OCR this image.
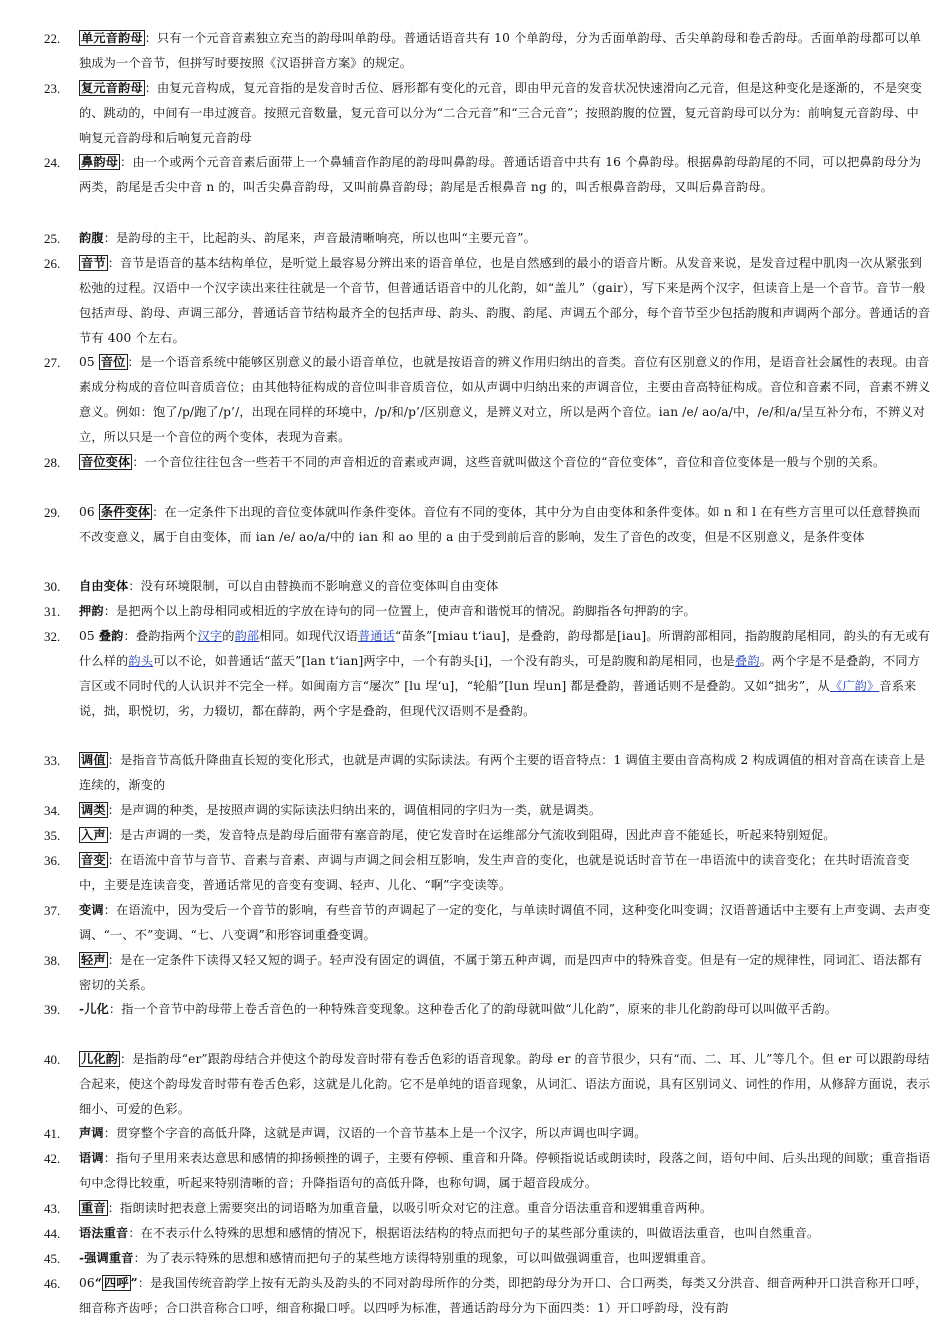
22.	单元音韵母 ：只有一个元音音素独立充当的韵母叫单韵母。普通话语音共有 10 个单韵母，分为舌面单韵母、舌尖单韵母和卷舌韵母。舌面单韵母都可以单独成为一个音节，但拼写时要按照《汉语拼音方案》的规定。
23.	复元音韵母 ：由复元音构成，复元音指的是发音时舌位、唇形都有变化的元音，即由甲元音的发音状况快速滑向乙元音，但是这种变化是逐渐的，不是突变的、跳动的，中间有一串过渡音。按照元音数量，复元音可以分为“二合元音”和“三合元音”；按照韵腹的位置，复元音韵母可以分为：前响复元音韵母、中响复元音韵母和后响复元音韵母
24.	鼻韵母 ：由一个或两个元音音素后面带上一个鼻辅音作韵尾的韵母叫鼻韵母。普通话语音中共有 16 个鼻韵母。根据鼻韵母韵尾的不同，可以把鼻韵母分为两类，韵尾是舌尖中音 n 的，叫舌尖鼻音韵母，又叫前鼻音韵母；韵尾是舌根鼻音 ng 的，叫舌根鼻音韵母，又叫后鼻音韵母。
25.	韵腹：是韵母的主干，比起韵头、韵尾来，声音最清晰响亮，所以也叫“主要元音”。
26.	音节 ：音节是语音的基本结构单位，是听觉上最容易分辨出来的语音单位，也是自然感到的最小的语音片断。从发音来说，是发音过程中肌肉一次从紧张到松弛的过程。汉语中一个汉字读出来往往就是一个音节，但普通话语音中的儿化韵，如“盖儿”（gair），写下来是两个汉字，但读音上是一个音节。音节一般包括声母、韵母、声调三部分，普通话音节结构最齐全的包括声母、韵头、韵腹、韵尾、声调五个部分，每个音节至少包括韵腹和声调两个部分。普通话的音节有 400 个左右。
27.	05 音位 ：是一个语音系统中能够区别意义的最小语音单位，也就是按语音的辨义作用归纳出的音类。音位有区别意义的作用，是语音社会属性的表现。由音素成分构成的音位叫音质音位；由其他特征构成的音位叫非音质音位，如从声调中归纳出来的声调音位，主要由音高特征构成。音位和音素不同，音素不辨义意义。例如：饱了/p/跑了/p’/，出现在同样的环境中，/p/和/p’/区别意义，是辨义对立，所以是两个音位。ian /e/ ao/a/中，/e/和/a/呈互补分布，不辨义对立，所以只是一个音位的两个变体，表现为音素。
28.	音位变体 ：一个音位往往包含一些若干不同的声音相近的音素或声调，这些音就叫做这个音位的“音位变体”，音位和音位变体是一般与个别的关系。
29.	06 条件变体 ：在一定条件下出现的音位变体就叫作条件变体。音位有不同的变体，其中分为自由变体和条件变体。如 n 和 l 在有些方言里可以任意替换而不改变意义，属于自由变体，而 ian /e/ ao/a/中的 ian 和 ao 里的 a 由于受到前后音的影响，发生了音色的改变，但是不区别意义，是条件变体
30.	自由变体：没有环境限制，可以自由替换而不影响意义的音位变体叫自由变体
31.	押韵：是把两个以上韵母相同或相近的字放在诗句的同一位置上，使声音和谐悦耳的情况。韵脚指各句押韵的字。
32.	05 叠韵：叠韵指两个汉字的韵部相同。如现代汉语普通话“苗条”[miau t‘iau]，是叠韵，韵母都是[iau]。所谓韵部相同，指韵腹韵尾相同，韵头的有无或有什么样的韵头可以不论，如普通话“蓝天”[lan t‘ian]两字中，一个有韵头[i]，一个没有韵头，可是韵腹和韵尾相同，也是叠韵。两个字是不是叠韵，不同方言区或不同时代的人认识并不完全一样。如闽南方言“屡次” [lu 埕‘u]，“轮船”[lun 埕un] 都是叠韵，普通话则不是叠韵。又如“拙劣”，从《广韵》音系来说，拙，职悦切，劣，力辍切，都在薛韵，两个字是叠韵，但现代汉语则不是叠韵。
33.	调值 ：是指音节高低升降曲直长短的变化形式，也就是声调的实际读法。有两个主要的语音特点：1 调值主要由音高构成 2 构成调值的相对音高在读音上是连续的，渐变的
34.	调类 ：是声调的种类，是按照声调的实际读法归纳出来的，调值相同的字归为一类，就是调类。
35.	入声 ：是古声调的一类，发音特点是韵母后面带有塞音韵尾，使它发音时在运维部分气流收到阻碍，因此声音不能延长，听起来特别短促。
36.	音变 ：在语流中音节与音节、音素与音素、声调与声调之间会相互影响，发生声音的变化，也就是说话时音节在一串语流中的读音变化；在共时语流音变中，主要是连读音变，普通话常见的音变有变调、轻声、儿化、“啊”字变读等。
37.	变调：在语流中，因为受后一个音节的影响，有些音节的声调起了一定的变化，与单读时调值不同，这种变化叫变调；汉语普通话中主要有上声变调、去声变调、“一、不”变调、“七、八变调”和形容词重叠变调。
38.	轻声 ：是在一定条件下读得又轻又短的调子。轻声没有固定的调值，不属于第五种声调，而是四声中的特殊音变。但是有一定的规律性，同词汇、语法都有密切的关系。
39.	-儿化：指一个音节中韵母带上卷舌音色的一种特殊音变现象。这种卷舌化了的韵母就叫做“儿化韵”，原来的非儿化韵韵母可以叫做平舌韵。
40.	儿化韵 ：是指韵母“er”跟韵母结合并使这个韵母发音时带有卷舌色彩的语音现象。韵母 er 的音节很少，只有“而、二、耳、儿”等几个。但 er 可以跟韵母结合起来，使这个韵母发音时带有卷舌色彩，这就是儿化韵。它不是单纯的语音现象，从词汇、语法方面说，具有区别词义、词性的作用，从修辞方面说，表示细小、可爱的色彩。
41.	声调：贯穿整个字音的高低升降，这就是声调，汉语的一个音节基本上是一个汉字，所以声调也叫字调。
42.	语调：指句子里用来表达意思和感情的抑扬顿挫的调子，主要有停顿、重音和升降。停顿指说话或朗读时，段落之间，语句中间、后头出现的间歇；重音指语句中念得比较重，听起来特别清晰的音；升降指语句的高低升降，也称句调，属于超音段成分。
43.	重音 ：指朗读时把表意上需要突出的词语略为加重音量，以吸引听众对它的注意。重音分语法重音和逻辑重音两种。
44.	语法重音：在不表示什么特殊的思想和感情的情况下，根据语法结构的特点而把句子的某些部分重读的，叫做语法重音，也叫自然重音。
45.	-强调重音：为了表示特殊的思想和感情而把句子的某些地方读得特别重的现象，可以叫做强调重音，也叫逻辑重音。
46.	06“ 四呼 ”：是我国传统音韵学上按有无韵头及韵头的不同对韵母所作的分类，即把韵母分为开口、合口两类，每类又分洪音、细音两种开口洪音称开口呼，细音称齐齿呼；合口洪音称合口呼，细音称撮口呼。以四呼为标准，普通话韵母分为下面四类：1）开口呼韵母，没有韵
